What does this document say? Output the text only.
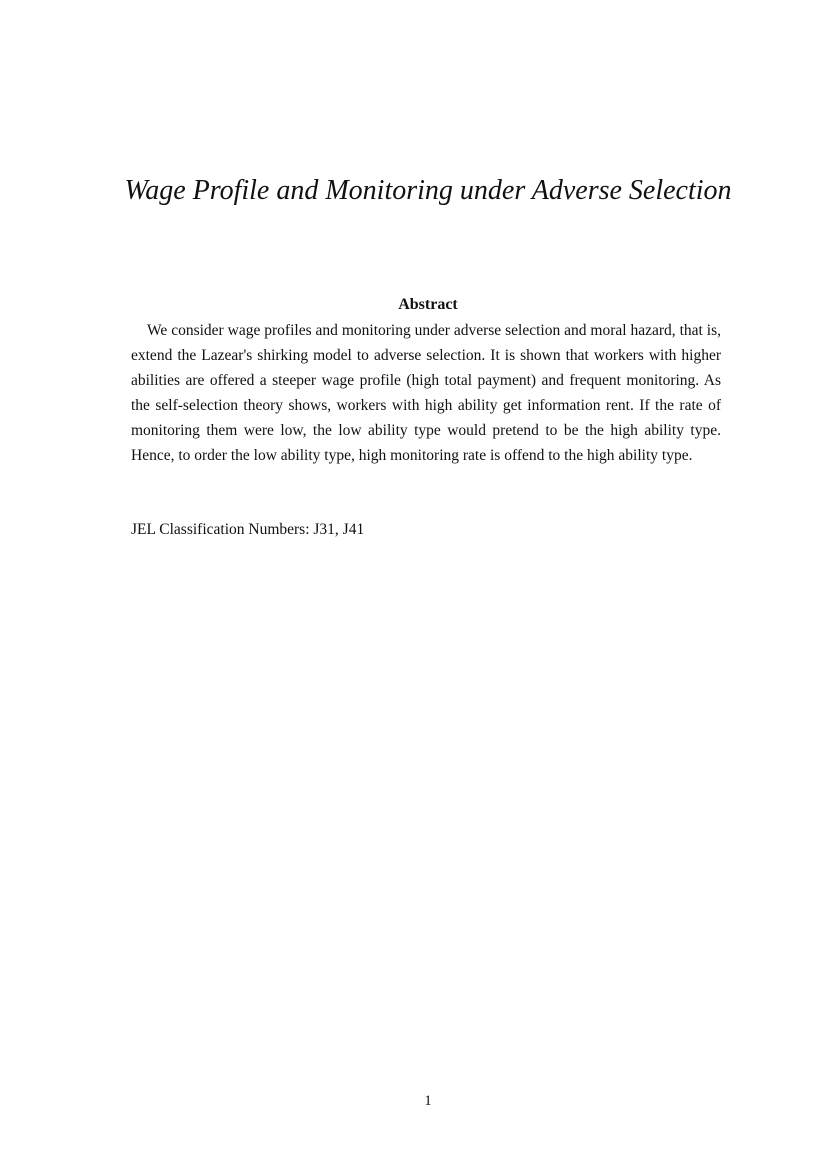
Wage Profile and Monitoring under Adverse Selection
Abstract

We consider wage profiles and monitoring under adverse selection and moral hazard, that is, extend the Lazear's shirking model to adverse selection. It is shown that workers with higher abilities are offered a steeper wage profile (high total payment) and frequent monitoring. As the self-selection theory shows, workers with high ability get information rent. If the rate of monitoring them were low, the low ability type would pretend to be the high ability type. Hence, to order the low ability type, high monitoring rate is offend to the high ability type.

JEL Classification Numbers: J31, J41

1
